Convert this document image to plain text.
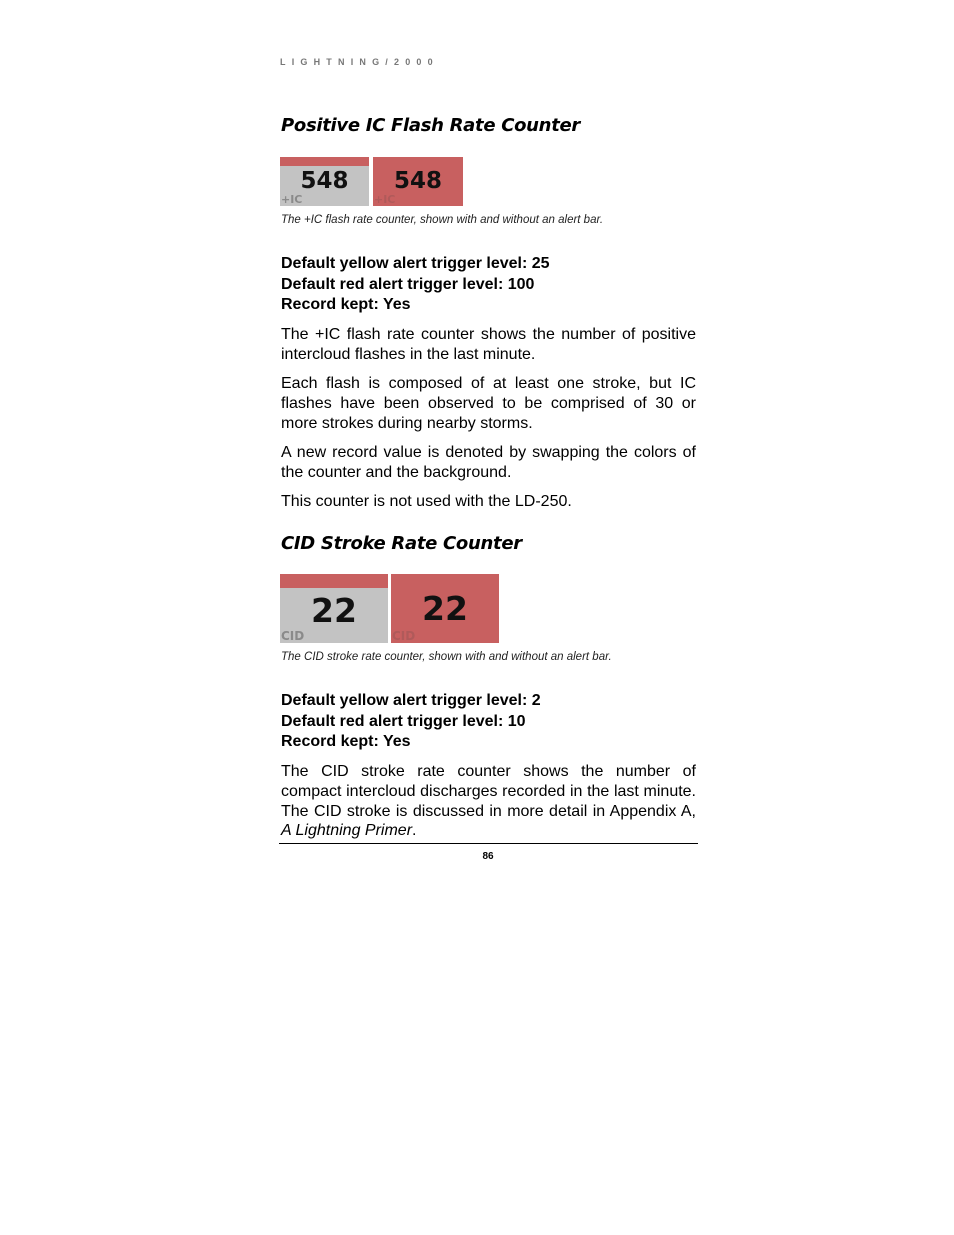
LIGHTNING/2000
Positive IC Flash Rate Counter
548
+IC
548
+IC
The +IC flash rate counter, shown with and without an alert bar.
Default yellow alert trigger level: 25
Default red alert trigger level: 100
Record kept: Yes

The +IC flash rate counter shows the number of positive intercloud flashes in the last minute.

Each flash is composed of at least one stroke, but IC flashes have been observed to be comprised of 30 or more strokes during nearby storms.

A new record value is denoted by swapping the colors of the counter and the background.

This counter is not used with the LD-250.

CID Stroke Rate Counter
22
CID
22
CID
The CID stroke rate counter, shown with and without an alert bar.
Default yellow alert trigger level: 2
Default red alert trigger level: 10
Record kept: Yes

The CID stroke rate counter shows the number of compact intercloud discharges recorded in the last minute. The CID stroke is discussed in more detail in Appendix A, A Lightning Primer.

86
